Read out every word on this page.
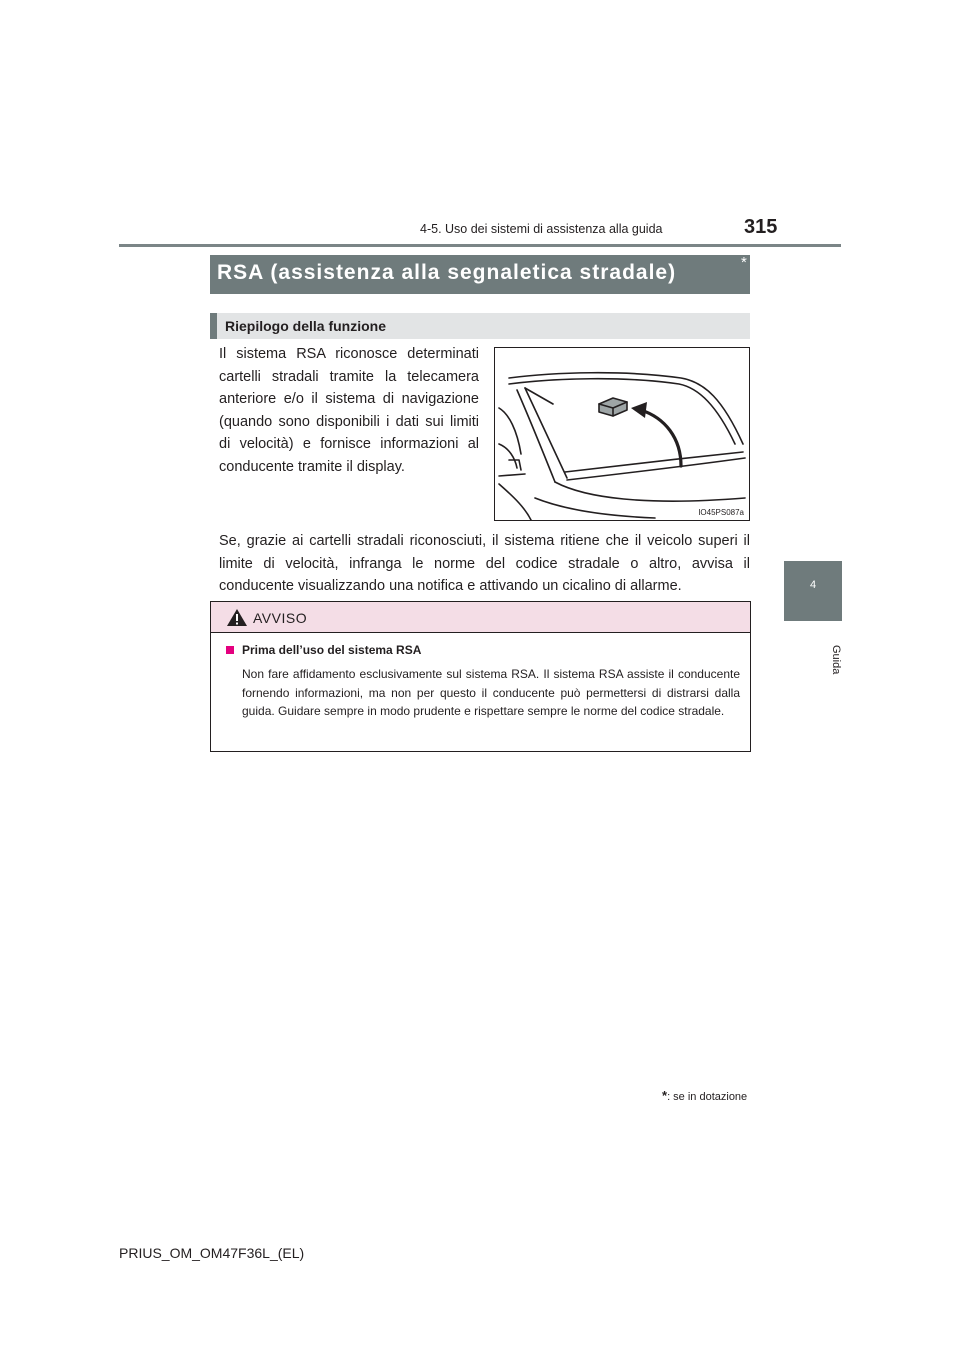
4-5. Uso dei sistemi di assistenza alla guida	315
4
Guida
RSA (assistenza alla segnaletica stradale)	*
Riepilogo della funzione
Il sistema RSA riconosce determinati cartelli stradali tramite la telecamera anteriore e/o il sistema di navigazione (quando sono disponibili i dati sui limiti di velocità) e fornisce informazioni al conducente tramite il display.
IO45PS087a
Se, grazie ai cartelli stradali riconosciuti, il sistema ritiene che il veicolo superi il limite di velocità, infranga le norme del codice stradale o altro, avvisa il conducente visualizzando una notifica e attivando un cicalino di allarme.
AVVISO
Prima dell’uso del sistema RSA
Non fare affidamento esclusivamente sul sistema RSA. Il sistema RSA assiste il conducente fornendo informazioni, ma non per questo il conducente può permettersi di distrarsi dalla guida. Guidare sempre in modo prudente e rispettare sempre le norme del codice stradale.
*: se in dotazione
PRIUS_OM_OM47F36L_(EL)
